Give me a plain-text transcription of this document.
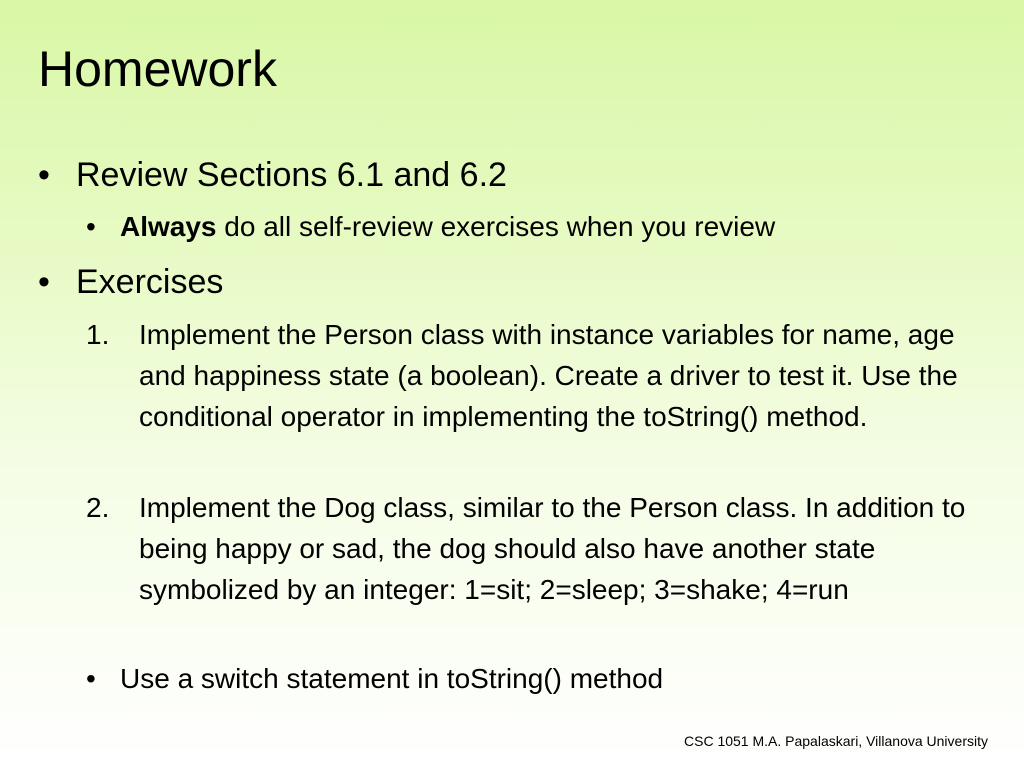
Homework
• Review Sections 6.1 and 6.2
• Always do all self-review exercises when you review
• Exercises
1. Implement the Person class with instance variables for name, age and happiness state (a boolean). Create a driver to test it. Use the conditional operator in implementing the toString() method.
2. Implement the Dog class, similar to the Person class. In addition to being happy or sad, the dog should also have another state symbolized by an integer: 1=sit; 2=sleep; 3=shake; 4=run
• Use a switch statement in toString() method
CSC 1051 M.A. Papalaskari, Villanova University
